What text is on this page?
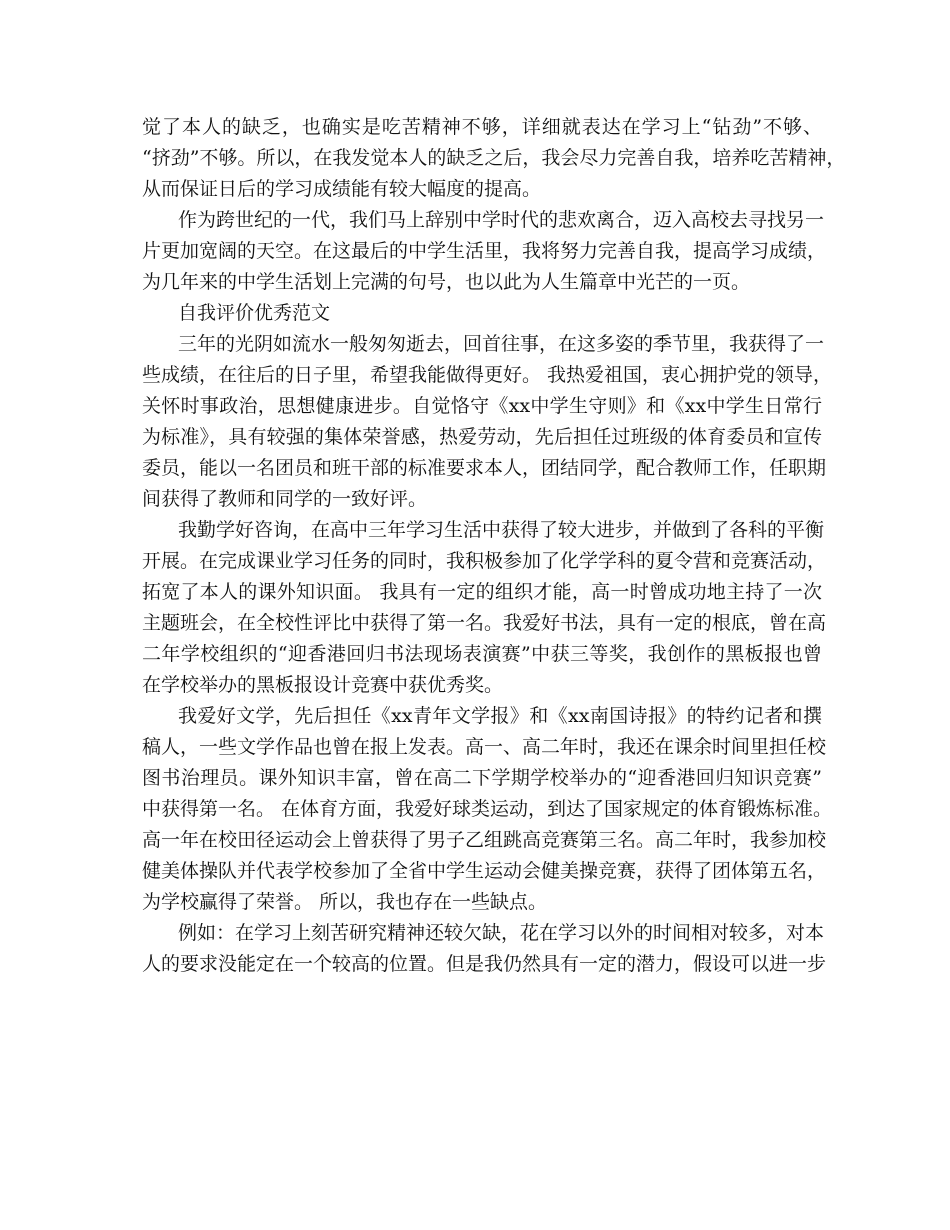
觉了本人的缺乏，也确实是吃苦精神不够，详细就表达在学习上“钻劲”不够、
“挤劲”不够。所以，在我发觉本人的缺乏之后，我会尽力完善自我，培养吃苦精神，
从而保证日后的学习成绩能有较大幅度的提高。
作为跨世纪的一代，我们马上辞别中学时代的悲欢离合，迈入高校去寻找另一
片更加宽阔的天空。在这最后的中学生活里，我将努力完善自我，提高学习成绩，
为几年来的中学生活划上完满的句号，也以此为人生篇章中光芒的一页。
自我评价优秀范文
三年的光阴如流水一般匆匆逝去，回首往事，在这多姿的季节里，我获得了一
些成绩，在往后的日子里，希望我能做得更好。 我热爱祖国，衷心拥护党的领导，
关怀时事政治，思想健康进步。自觉恪守《xx中学生守则》和《xx中学生日常行
为标准》，具有较强的集体荣誉感，热爱劳动，先后担任过班级的体育委员和宣传
委员，能以一名团员和班干部的标准要求本人，团结同学，配合教师工作，任职期
间获得了教师和同学的一致好评。
我勤学好咨询，在高中三年学习生活中获得了较大进步，并做到了各科的平衡
开展。在完成课业学习任务的同时，我积极参加了化学学科的夏令营和竞赛活动，
拓宽了本人的课外知识面。 我具有一定的组织才能，高一时曾成功地主持了一次
主题班会，在全校性评比中获得了第一名。我爱好书法，具有一定的根底，曾在高
二年学校组织的“迎香港回归书法现场表演赛”中获三等奖，我创作的黑板报也曾
在学校举办的黑板报设计竞赛中获优秀奖。
我爱好文学，先后担任《xx青年文学报》和《xx南国诗报》的特约记者和撰
稿人，一些文学作品也曾在报上发表。高一、高二年时，我还在课余时间里担任校
图书治理员。课外知识丰富，曾在高二下学期学校举办的“迎香港回归知识竞赛”
中获得第一名。 在体育方面，我爱好球类运动，到达了国家规定的体育锻炼标准。
高一年在校田径运动会上曾获得了男子乙组跳高竞赛第三名。高二年时，我参加校
健美体操队并代表学校参加了全省中学生运动会健美操竞赛，获得了团体第五名，
为学校赢得了荣誉。 所以，我也存在一些缺点。
例如：在学习上刻苦研究精神还较欠缺，花在学习以外的时间相对较多，对本
人的要求没能定在一个较高的位置。但是我仍然具有一定的潜力，假设可以进一步
